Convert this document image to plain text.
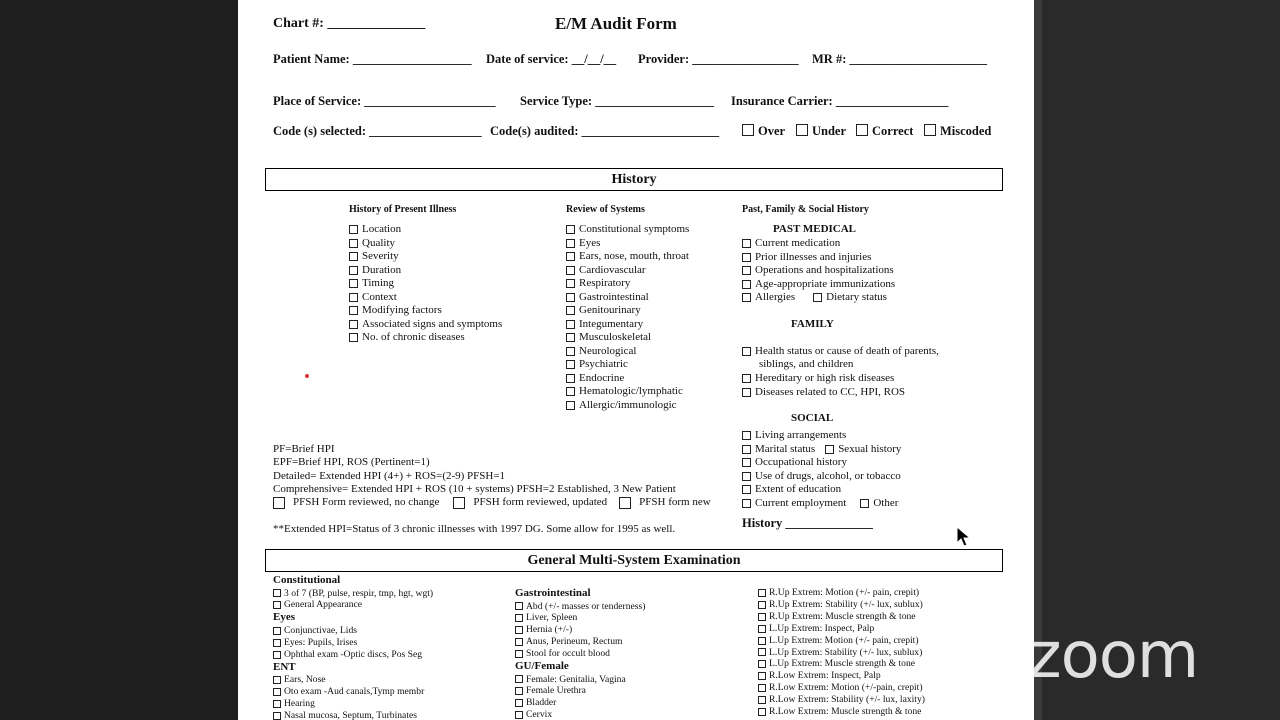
Chart #: ______________	E/M Audit Form
Patient Name: ___________________ Date of service: __/__/__ Provider: _________________ MR #: ______________________
Place of Service: _____________________ Service Type: ___________________ Insurance Carrier: __________________
Code (s) selected: __________________ Code(s) audited: ______________________	Over	Under	Correct	Miscoded
History
History of Present Illness
Location
Quality
Severity
Duration
Timing
Context
Modifying factors
Associated signs and symptoms
No. of chronic diseases
Review of Systems
Constitutional symptoms
Eyes
Ears, nose, mouth, throat
Cardiovascular
Respiratory
Gastrointestinal
Genitourinary
Integumentary
Musculoskeletal
Neurological
Psychiatric
Endocrine
Hematologic/lymphatic
Allergic/immunologic
Past, Family & Social History
PAST MEDICAL
Current medication
Prior illnesses and injuries
Operations and hospitalizations
Age-appropriate immunizations
Allergies	Dietary status
FAMILY
Health status or cause of death of parents,
siblings, and children
Hereditary or high risk diseases
Diseases related to CC, HPI, ROS
SOCIAL
Living arrangements
Marital status Sexual history
Occupational history
Use of drugs, alcohol, or tobacco
Extent of education
Current employment Other
History ______________
PF=Brief HPI
EPF=Brief HPI, ROS (Pertinent=1)
Detailed= Extended HPI (4+) + ROS=(2-9) PFSH=1
Comprehensive= Extended HPI + ROS (10 + systems) PFSH=2 Established, 3 New Patient
PFSH Form reviewed, no change	PFSH form reviewed, updated	PFSH form new
**Extended HPI=Status of 3 chronic illnesses with 1997 DG. Some allow for 1995 as well.
General Multi-System Examination
Constitutional
3 of 7 (BP, pulse, respir, tmp, hgt, wgt)
General Appearance
Eyes
Conjunctivae, Lids
Eyes: Pupils, Irises
Ophthal exam -Optic discs, Pos Seg
ENT
Ears, Nose
Oto exam -Aud canals,Tymp membr
Hearing
Nasal mucosa, Septum, Turbinates
Gastrointestinal
Abd (+/- masses or tenderness)
Liver, Spleen
Hernia (+/-)
Anus, Perineum, Rectum
Stool for occult blood
GU/Female
Female: Genitalia, Vagina
Female Urethra
Bladder
Cervix
R.Up Extrem: Motion (+/- pain, crepit)
R.Up Extrem: Stability (+/- lux, sublux)
R.Up Extrem: Muscle strength & tone
L.Up Extrem: Inspect, Palp
L.Up Extrem: Motion (+/- pain, crepit)
L.Up Extrem: Stability (+/- lux, sublux)
L.Up Extrem: Muscle strength & tone
R.Low Extrem: Inspect, Palp
R.Low Extrem: Motion (+/-pain, crepit)
R.Low Extrem: Stability (+/- lux, laxity)
R.Low Extrem: Muscle strength & tone
zoom
